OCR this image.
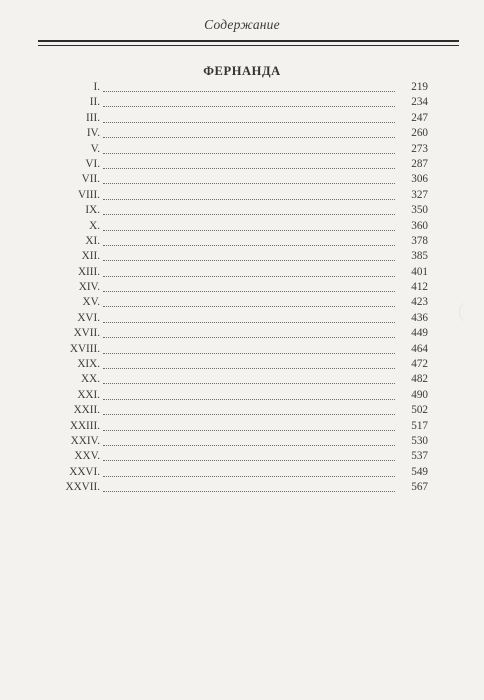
Содержание
ФЕРНАНДА
I.	219
II.	234
III.	247
IV.	260
V.	273
VI.	287
VII.	306
VIII.	327
IX.	350
X.	360
XI.	378
XII.	385
XIII.	401
XIV.	412
XV.	423
XVI.	436
XVII.	449
XVIII.	464
XIX.	472
XX.	482
XXI.	490
XXII.	502
XXIII.	517
XXIV.	530
XXV.	537
XXVI.	549
XXVII.	567
